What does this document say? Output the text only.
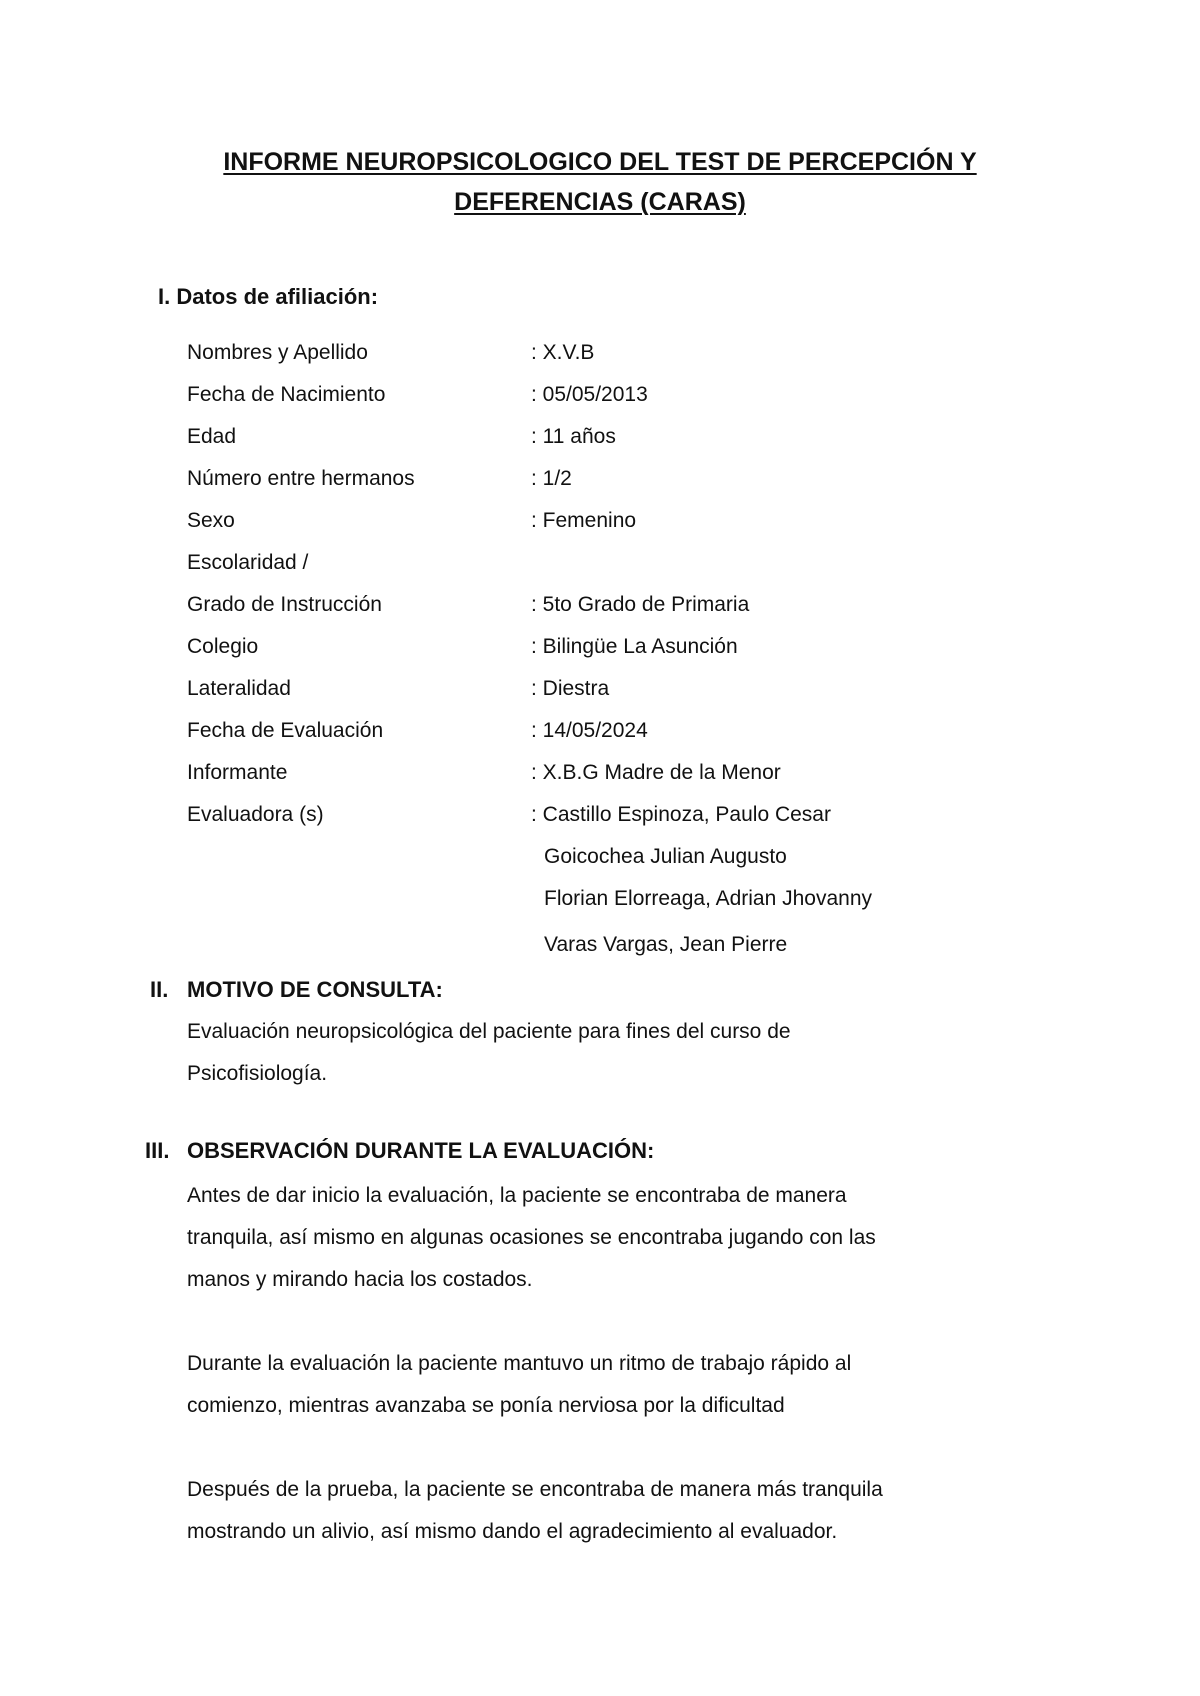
INFORME NEUROPSICOLOGICO DEL TEST DE PERCEPCIÓN Y
DEFERENCIAS (CARAS)
I. Datos de afiliación:
Nombres y Apellido	: X.V.B
Fecha de Nacimiento	: 05/05/2013
Edad	: 11 años
Número entre hermanos	: 1/2
Sexo	: Femenino
Escolaridad /
Grado de Instrucción	: 5to Grado de Primaria
Colegio	: Bilingüe La Asunción
Lateralidad	: Diestra
Fecha de Evaluación	: 14/05/2024
Informante	: X.B.G Madre de la Menor
Evaluadora (s)	: Castillo Espinoza, Paulo Cesar
Goicochea Julian Augusto
Florian Elorreaga, Adrian Jhovanny
Varas Vargas, Jean Pierre
II. MOTIVO DE CONSULTA:
Evaluación neuropsicológica del paciente para fines del curso de
Psicofisiología.
III. OBSERVACIÓN DURANTE LA EVALUACIÓN:
Antes de dar inicio la evaluación, la paciente se encontraba de manera
tranquila, así mismo en algunas ocasiones se encontraba jugando con las
manos y mirando hacia los costados.
Durante la evaluación la paciente mantuvo un ritmo de trabajo rápido al
comienzo, mientras avanzaba se ponía nerviosa por la dificultad
Después de la prueba, la paciente se encontraba de manera más tranquila
mostrando un alivio, así mismo dando el agradecimiento al evaluador.
